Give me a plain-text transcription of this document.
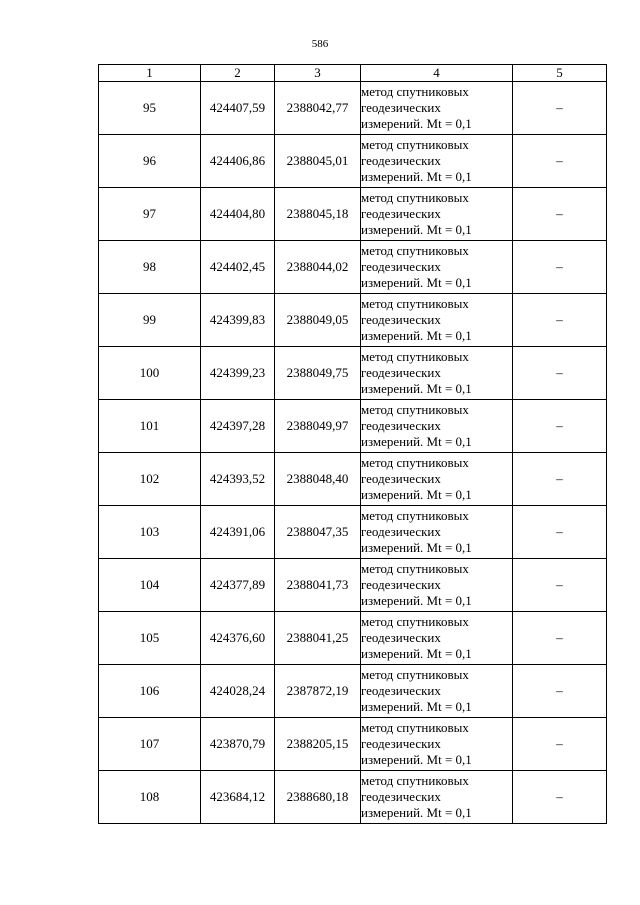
586
1	2	3	4	5
95	424407,59	2388042,77	метод спутниковых
геодезических
измерений. Mt = 0,1	–
96	424406,86	2388045,01	метод спутниковых
геодезических
измерений. Mt = 0,1	–
97	424404,80	2388045,18	метод спутниковых
геодезических
измерений. Mt = 0,1	–
98	424402,45	2388044,02	метод спутниковых
геодезических
измерений. Mt = 0,1	–
99	424399,83	2388049,05	метод спутниковых
геодезических
измерений. Mt = 0,1	–
100	424399,23	2388049,75	метод спутниковых
геодезических
измерений. Mt = 0,1	–
101	424397,28	2388049,97	метод спутниковых
геодезических
измерений. Mt = 0,1	–
102	424393,52	2388048,40	метод спутниковых
геодезических
измерений. Mt = 0,1	–
103	424391,06	2388047,35	метод спутниковых
геодезических
измерений. Mt = 0,1	–
104	424377,89	2388041,73	метод спутниковых
геодезических
измерений. Mt = 0,1	–
105	424376,60	2388041,25	метод спутниковых
геодезических
измерений. Mt = 0,1	–
106	424028,24	2387872,19	метод спутниковых
геодезических
измерений. Mt = 0,1	–
107	423870,79	2388205,15	метод спутниковых
геодезических
измерений. Mt = 0,1	–
108	423684,12	2388680,18	метод спутниковых
геодезических
измерений. Mt = 0,1	–
